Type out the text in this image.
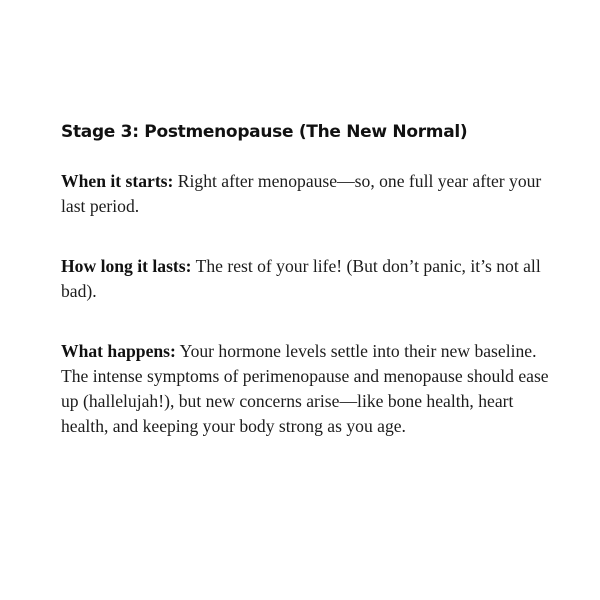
Stage 3: Postmenopause (The New Normal)

When it starts: Right after menopause—so, one full year after your last period.

How long it lasts: The rest of your life! (But don’t panic, it’s not all bad).

What happens: Your hormone levels settle into their new baseline. The intense symptoms of perimenopause and menopause should ease up (hallelujah!), but new concerns arise—like bone health, heart health, and keeping your body strong as you age.
